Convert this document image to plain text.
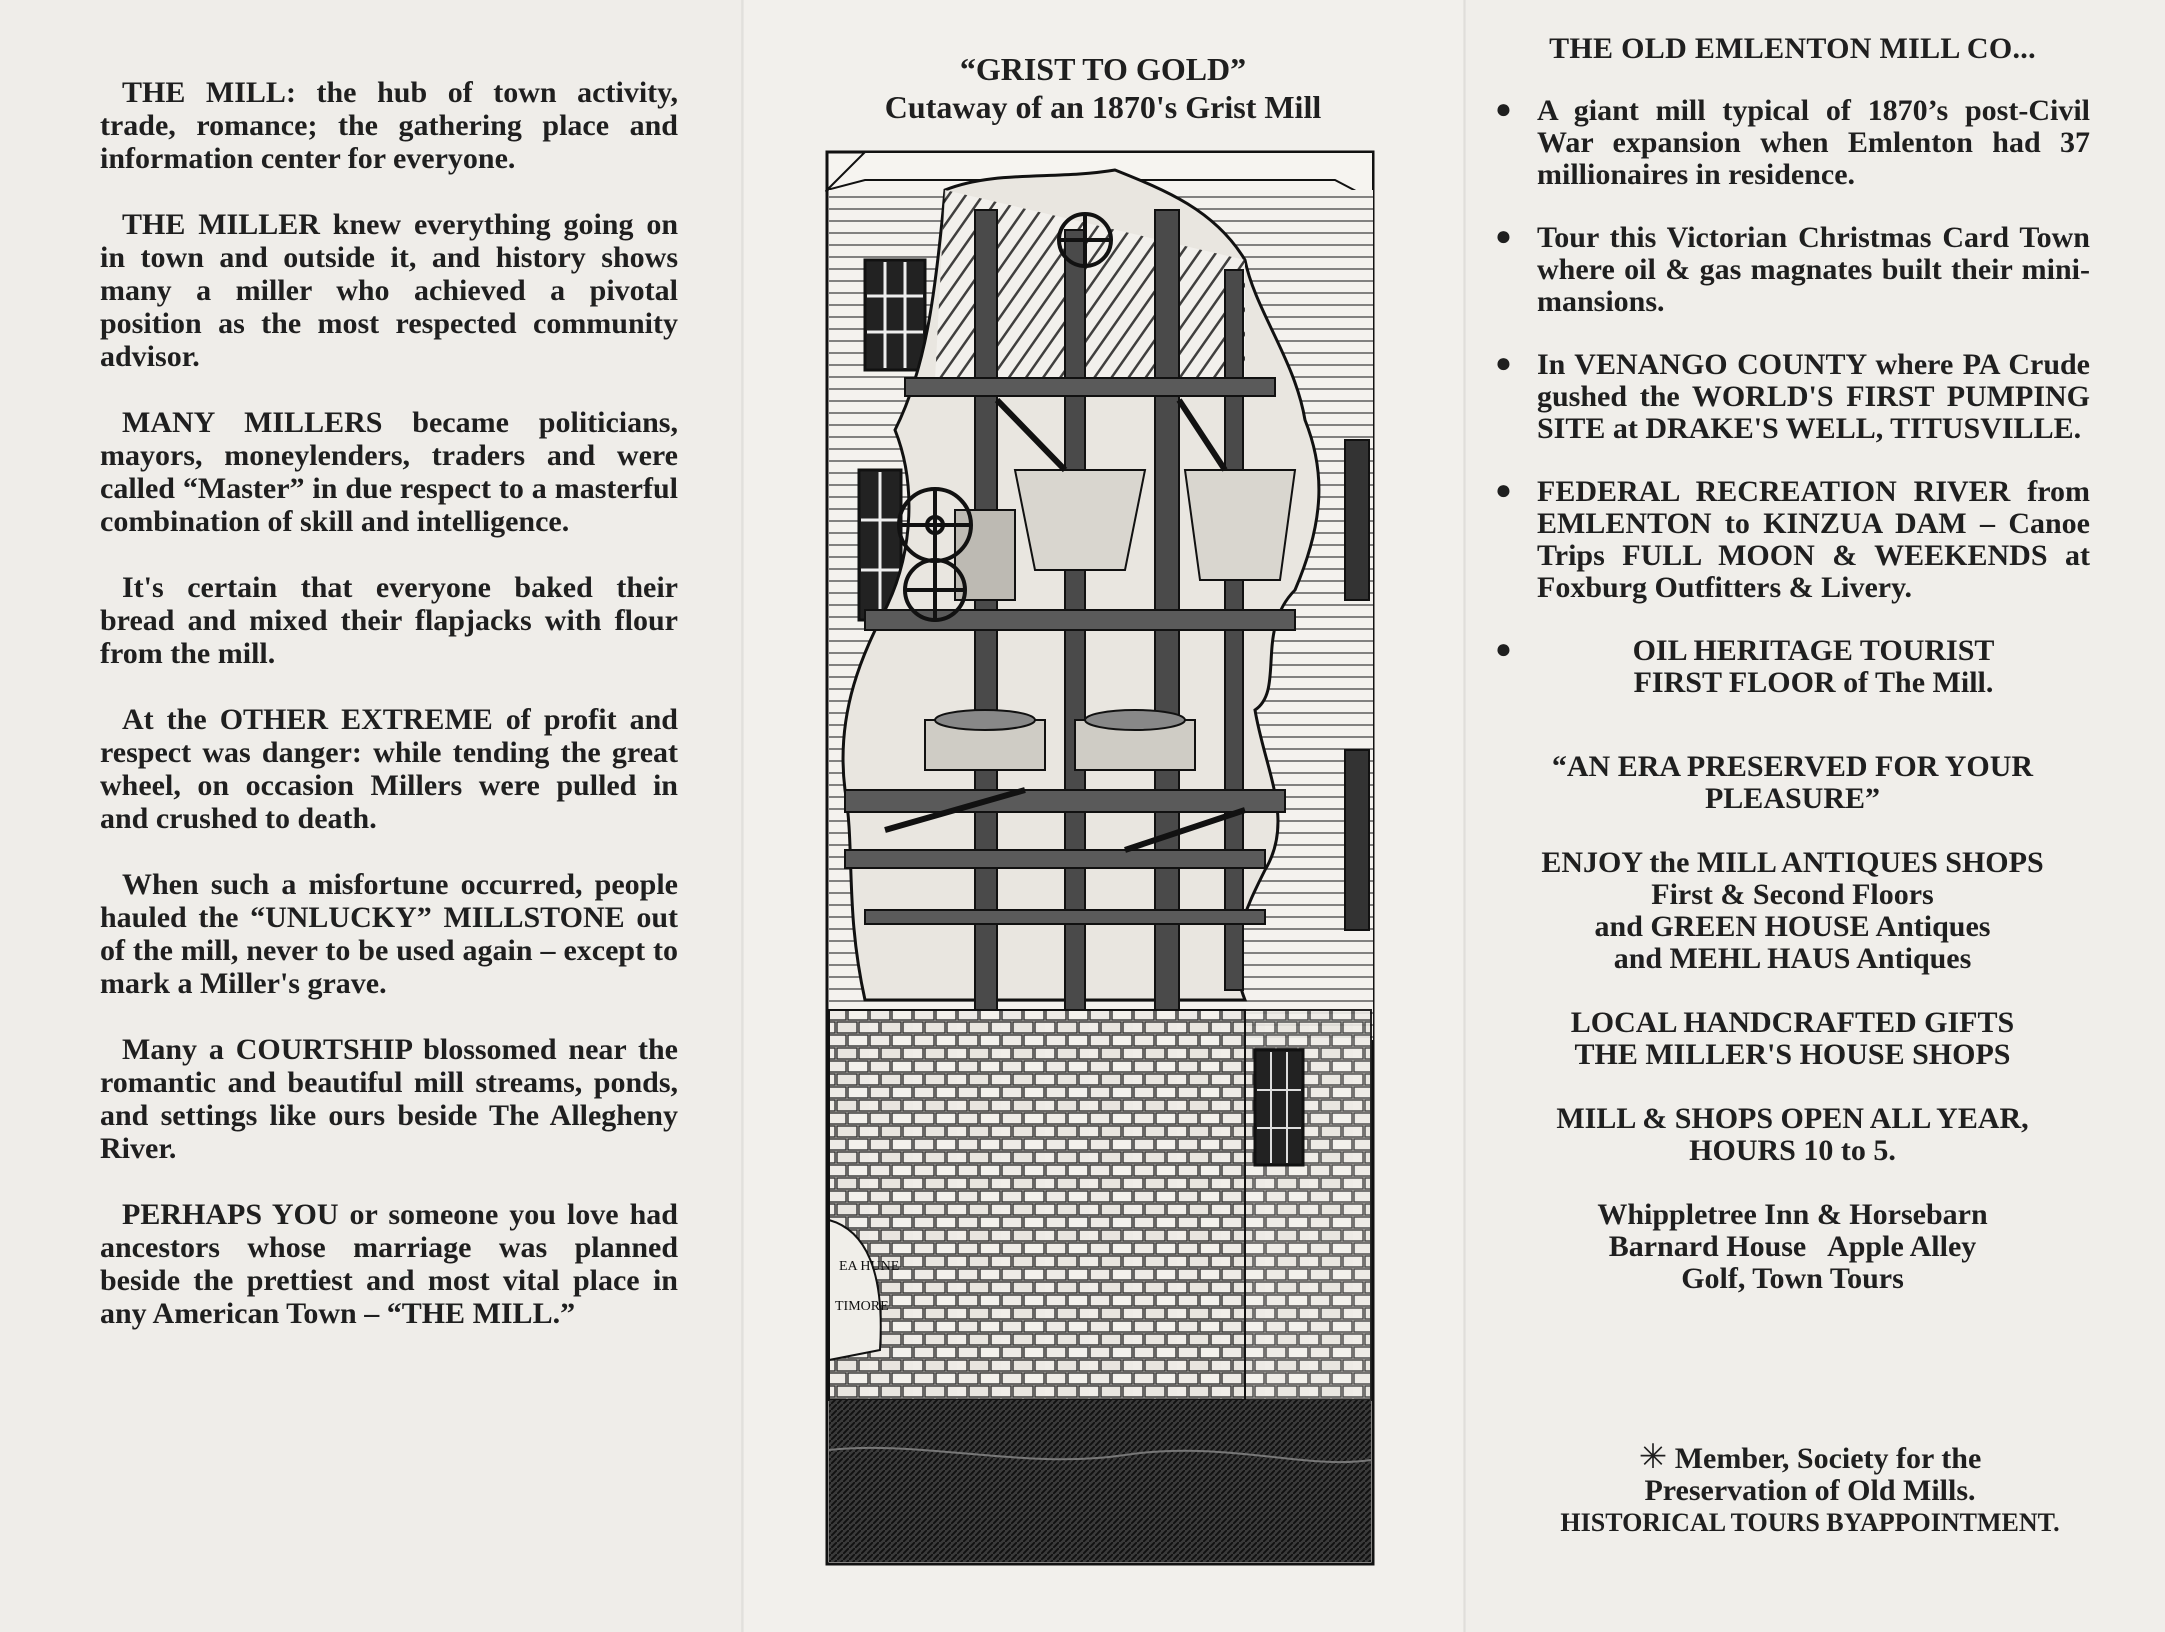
THE MILL: the hub of town activity, trade, romance; the gathering place and information center for everyone.

THE MILLER knew everything going on in town and outside it, and history shows many a miller who achieved a pivotal position as the most respected community advisor.

MANY MILLERS became politicians, mayors, moneylenders, traders and were called “Master” in due respect to a masterful combination of skill and intelligence.

It's certain that everyone baked their bread and mixed their flapjacks with flour from the mill.

At the OTHER EXTREME of profit and respect was danger: while tending the great wheel, on occasion Millers were pulled in and crushed to death.

When such a misfortune occurred, people hauled the “UNLUCKY” MILLSTONE out of the mill, never to be used again – except to mark a Miller's grave.

Many a COURTSHIP blossomed near the romantic and beautiful mill streams, ponds, and settings like ours beside The Allegheny River.

PERHAPS YOU or someone you love had ancestors whose marriage was planned beside the prettiest and most vital place in any American Town – “THE MILL.”

“GRIST TO GOLD”
Cutaway of an 1870's Grist Mill
EA HUNE
TIMORE
THE OLD EMLENTON MILL CO...
● A giant mill typical of 1870’s post-Civil War expansion when Emlenton had 37 millionaires in residence.
● Tour this Victorian Christmas Card Town where oil & gas magnates built their mini-mansions.
● In VENANGO COUNTY where PA Crude gushed the WORLD'S FIRST PUMPING SITE at DRAKE'S WELL, TITUSVILLE.
● FEDERAL RECREATION RIVER from EMLENTON to KINZUA DAM – Canoe Trips FULL MOON & WEEKENDS at Foxburg Outfitters & Livery.
●	OIL HERITAGE TOURIST
FIRST FLOOR of The Mill.
“AN ERA PRESERVED FOR YOUR
PLEASURE”
ENJOY the MILL ANTIQUES SHOPS
First & Second Floors
and GREEN HOUSE Antiques
and MEHL HAUS Antiques
LOCAL HANDCRAFTED GIFTS
THE MILLER'S HOUSE SHOPS
MILL & SHOPS OPEN ALL YEAR,
HOURS 10 to 5.
Whippletree Inn & Horsebarn
Barnard House   Apple Alley
Golf, Town Tours
✳ Member, Society for the
Preservation of Old Mills.
HISTORICAL TOURS BYAPPOINTMENT.
